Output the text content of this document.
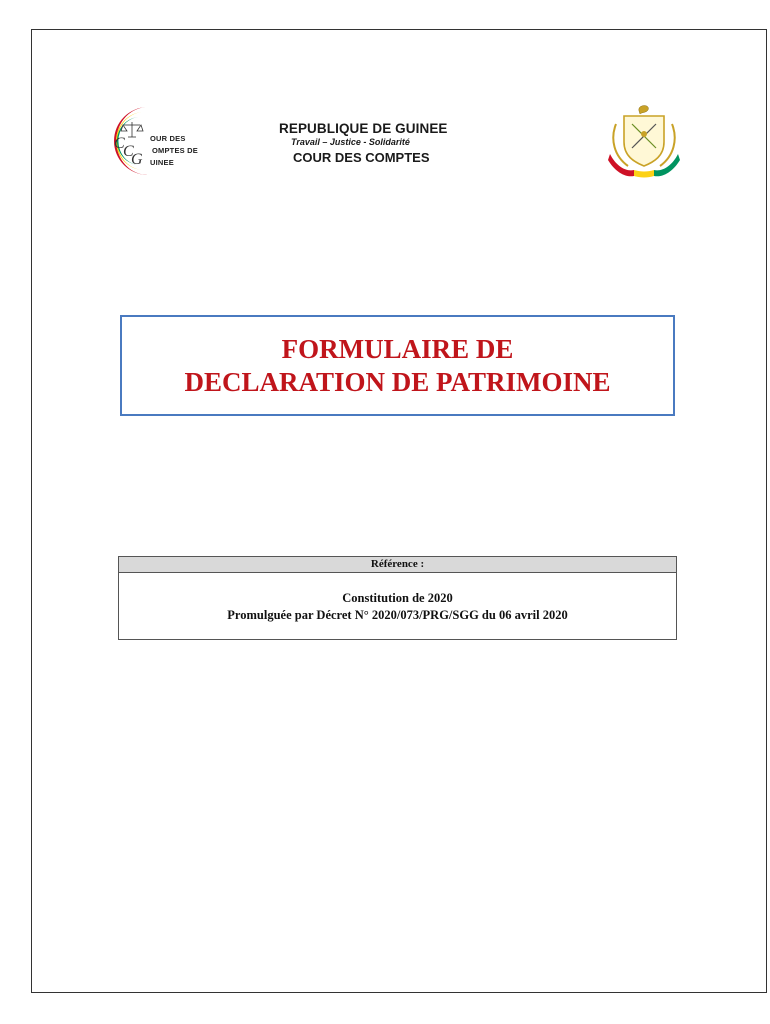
C
C
G
OUR DES
OMPTES DE
UINEE
REPUBLIQUE DE GUINEE
Travail – Justice - Solidarité
COUR DES COMPTES
FORMULAIRE DE
DECLARATION DE PATRIMOINE
Référence :
Constitution de 2020
Promulguée par Décret N° 2020/073/PRG/SGG du 06 avril 2020
